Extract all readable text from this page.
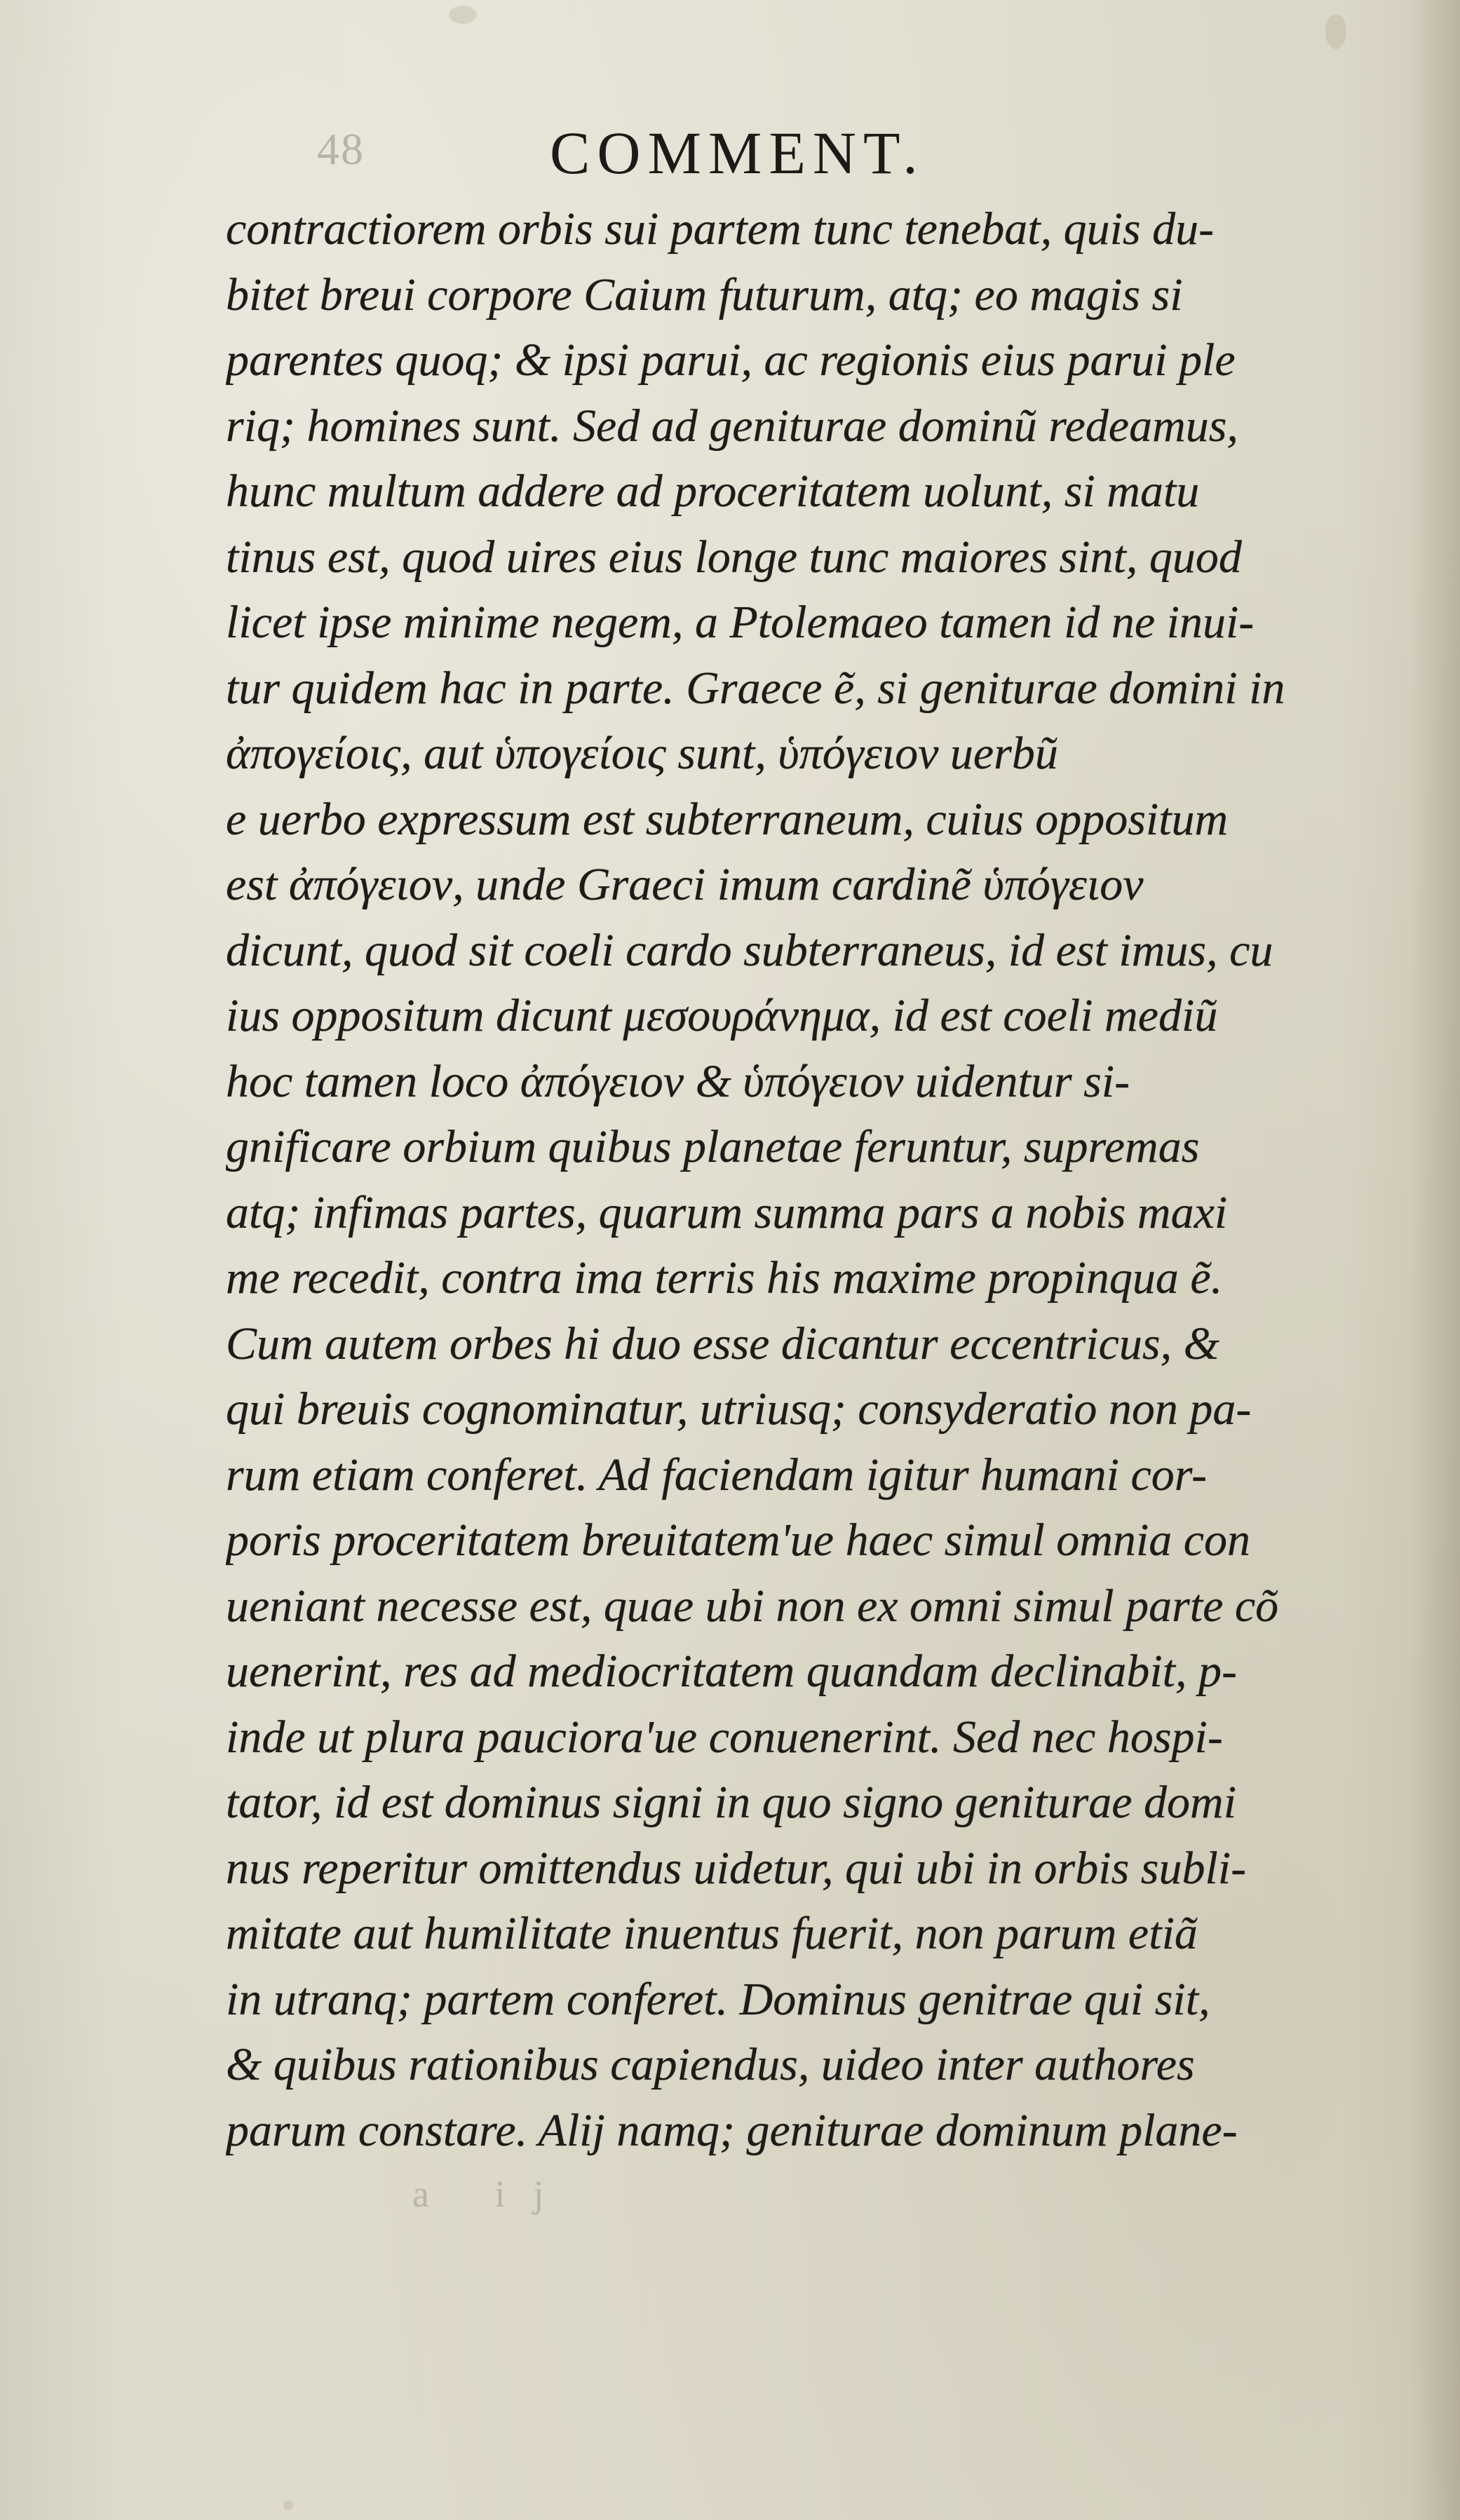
48	COMMENT.
contractiorem orbis sui partem tunc tenebat, quis du-
bitet breui corpore Caium futurum, atq; eo magis si
parentes quoq; & ipsi parui, ac regionis eius parui ple
riq; homines sunt. Sed ad geniturae dominũ redeamus,
hunc multum addere ad proceritatem uolunt, si matu
tinus est, quod uires eius longe tunc maiores sint, quod
licet ipse minime negem, a Ptolemaeo tamen id ne inui-
tur quidem hac in parte. Graece ẽ, si geniturae domini in
ἀπογείοις, aut ὑπογείοις sunt, ὑπόγειον uerbũ
e uerbo expressum est subterraneum, cuius oppositum
est ἀπόγειον, unde Graeci imum cardinẽ ὑπόγειον
dicunt, quod sit coeli cardo subterraneus, id est imus, cu
ius oppositum dicunt μεσουράνημα, id est coeli mediũ
hoc tamen loco ἀπόγειον & ὑπόγειον uidentur si-
gnificare orbium quibus planetae feruntur, supremas
atq; infimas partes, quarum summa pars a nobis maxi
me recedit, contra ima terris his maxime propinqua ẽ.
Cum autem orbes hi duo esse dicantur eccentricus, &
qui breuis cognominatur, utriusq; consyderatio non pa-
rum etiam conferet. Ad faciendam igitur humani cor-
poris proceritatem breuitatem'ue haec simul omnia con
ueniant necesse est, quae ubi non ex omni simul parte cõ
uenerint, res ad mediocritatem quandam declinabit, p-
inde ut plura pauciora'ue conuenerint. Sed nec hospi-
tator, id est dominus signi in quo signo geniturae domi
nus reperitur omittendus uidetur, qui ubi in orbis subli-
mitate aut humilitate inuentus fuerit, non parum etiã
in utranq; partem conferet. Dominus genitrae qui sit,
& quibus rationibus capiendus, uideo inter authores
parum constare. Alij namq; geniturae dominum plane-
a ij
